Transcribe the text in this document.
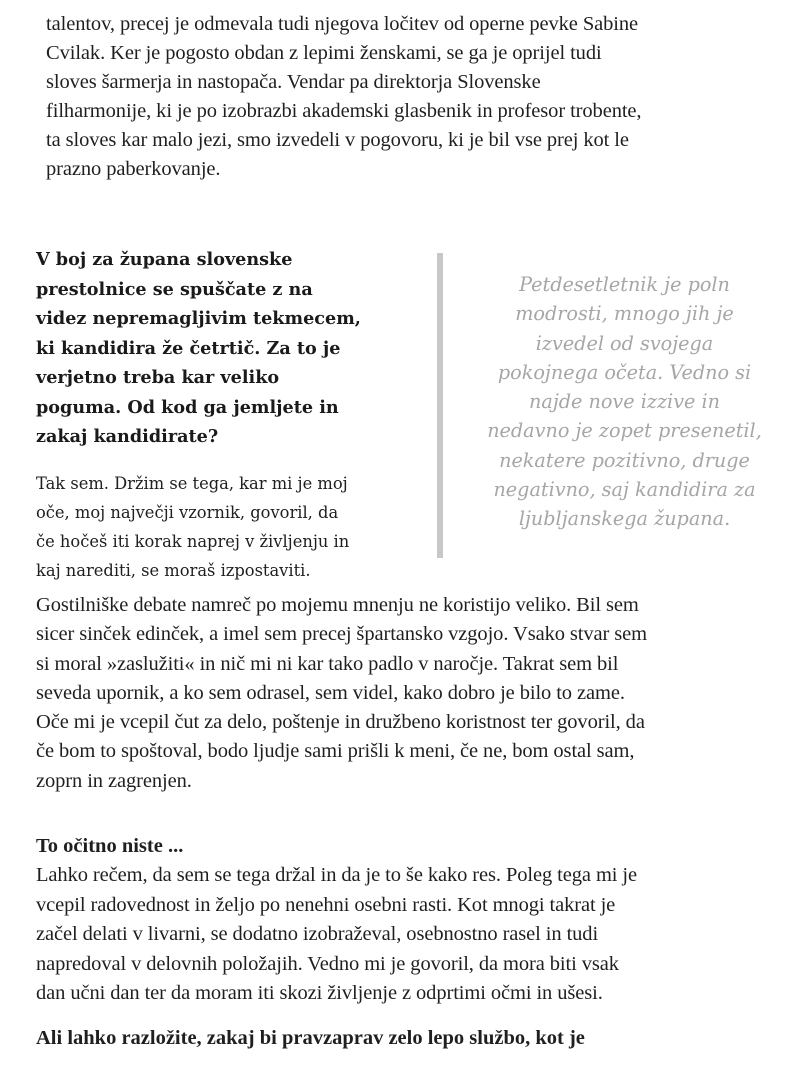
talentov, precej je odmevala tudi njegova ločitev od operne pevke Sabine
Cvilak. Ker je pogosto obdan z lepimi ženskami, se ga je oprijel tudi
sloves šarmerja in nastopača. Vendar pa direktorja Slovenske
filharmonije, ki je po izobrazbi akademski glasbenik in profesor trobente,
ta sloves kar malo jezi, smo izvedeli v pogovoru, ki je bil vse prej kot le
prazno paberkovanje.

V boj za župana slovenske
prestolnice se spuščate z na
videz nepremagljivim tekmecem,
ki kandidira že četrtič. Za to je
verjetno treba kar veliko
poguma. Od kod ga jemljete in
zakaj kandidirate?

Tak sem. Držim se tega, kar mi je moj
oče, moj največji vzornik, govoril, da
če hočeš iti korak naprej v življenju in
kaj narediti, se moraš izpostaviti.

Petdesetletnik je poln
modrosti, mnogo jih je
izvedel od svojega
pokojnega očeta. Vedno si
najde nove izzive in
nedavno je zopet presenetil,
nekatere pozitivno, druge
negativno, saj kandidira za
ljubljanskega župana.

Gostilniške debate namreč po mojemu mnenju ne koristijo veliko. Bil sem
sicer sinček edinček, a imel sem precej špartansko vzgojo. Vsako stvar sem
si moral »zaslužiti« in nič mi ni kar tako padlo v naročje. Takrat sem bil
seveda upornik, a ko sem odrasel, sem videl, kako dobro je bilo to zame.
Oče mi je vcepil čut za delo, poštenje in družbeno koristnost ter govoril, da
če bom to spoštoval, bodo ljudje sami prišli k meni, če ne, bom ostal sam,
zoprn in zagrenjen.

To očitno niste ...

Lahko rečem, da sem se tega držal in da je to še kako res. Poleg tega mi je
vcepil radovednost in željo po nenehni osebni rasti. Kot mnogi takrat je
začel delati v livarni, se dodatno izobraževal, osebnostno rasel in tudi
napredoval v delovnih položajih. Vedno mi je govoril, da mora biti vsak
dan učni dan ter da moram iti skozi življenje z odprtimi očmi in ušesi.

Ali lahko razložite, zakaj bi pravzaprav zelo lepo službo, kot je
